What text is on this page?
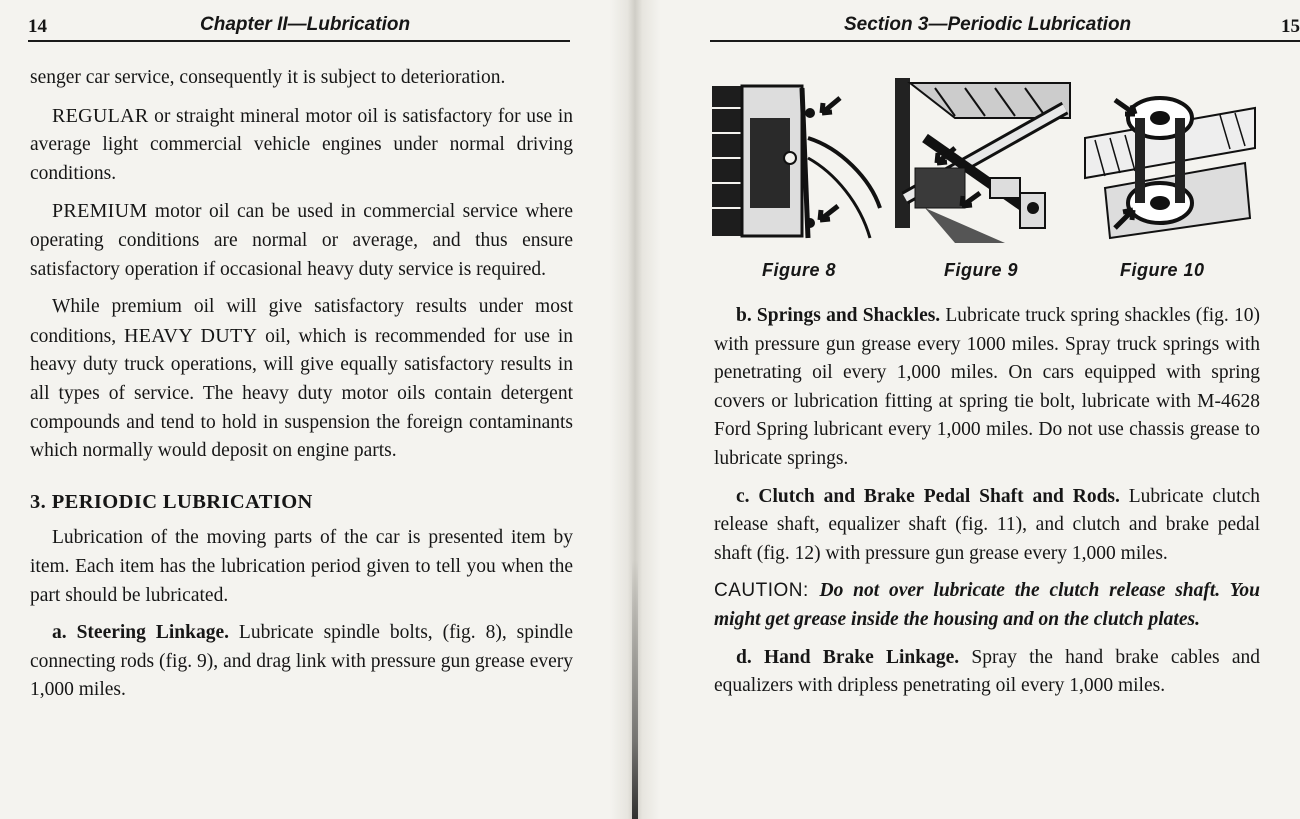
14	Chapter II—Lubrication

senger car service, consequently it is subject to deterioration.

REGULAR or straight mineral motor oil is satisfactory for use in average light commercial vehicle engines under normal driving conditions.

PREMIUM motor oil can be used in commercial service where operating conditions are normal or average, and thus ensure satisfactory operation if occasional heavy duty service is required.

While premium oil will give satisfactory results under most conditions, HEAVY DUTY oil, which is recommended for use in heavy duty truck operations, will give equally satisfactory results in all types of service. The heavy duty motor oils contain detergent compounds and tend to hold in suspension the foreign contaminants which normally would deposit on engine parts.

3. PERIODIC LUBRICATION

Lubrication of the moving parts of the car is presented item by item. Each item has the lubrication period given to tell you when the part should be lubricated.

a. Steering Linkage. Lubricate spindle bolts, (fig. 8), spindle connecting rods (fig. 9), and drag link with pressure gun grease every 1,000 miles.

Section 3—Periodic Lubrication	15
Figure 8	Figure 9	Figure 10

b. Springs and Shackles. Lubricate truck spring shackles (fig. 10) with pressure gun grease every 1000 miles. Spray truck springs with penetrating oil every 1,000 miles. On cars equipped with spring covers or lubrication fitting at spring tie bolt, lubricate with M-4628 Ford Spring lubricant every 1,000 miles. Do not use chassis grease to lubricate springs.

c. Clutch and Brake Pedal Shaft and Rods. Lubricate clutch release shaft, equalizer shaft (fig. 11), and clutch and brake pedal shaft (fig. 12) with pressure gun grease every 1,000 miles.

CAUTION: Do not over lubricate the clutch release shaft. You might get grease inside the housing and on the clutch plates.

d. Hand Brake Linkage. Spray the hand brake cables and equalizers with dripless penetrating oil every 1,000 miles.
